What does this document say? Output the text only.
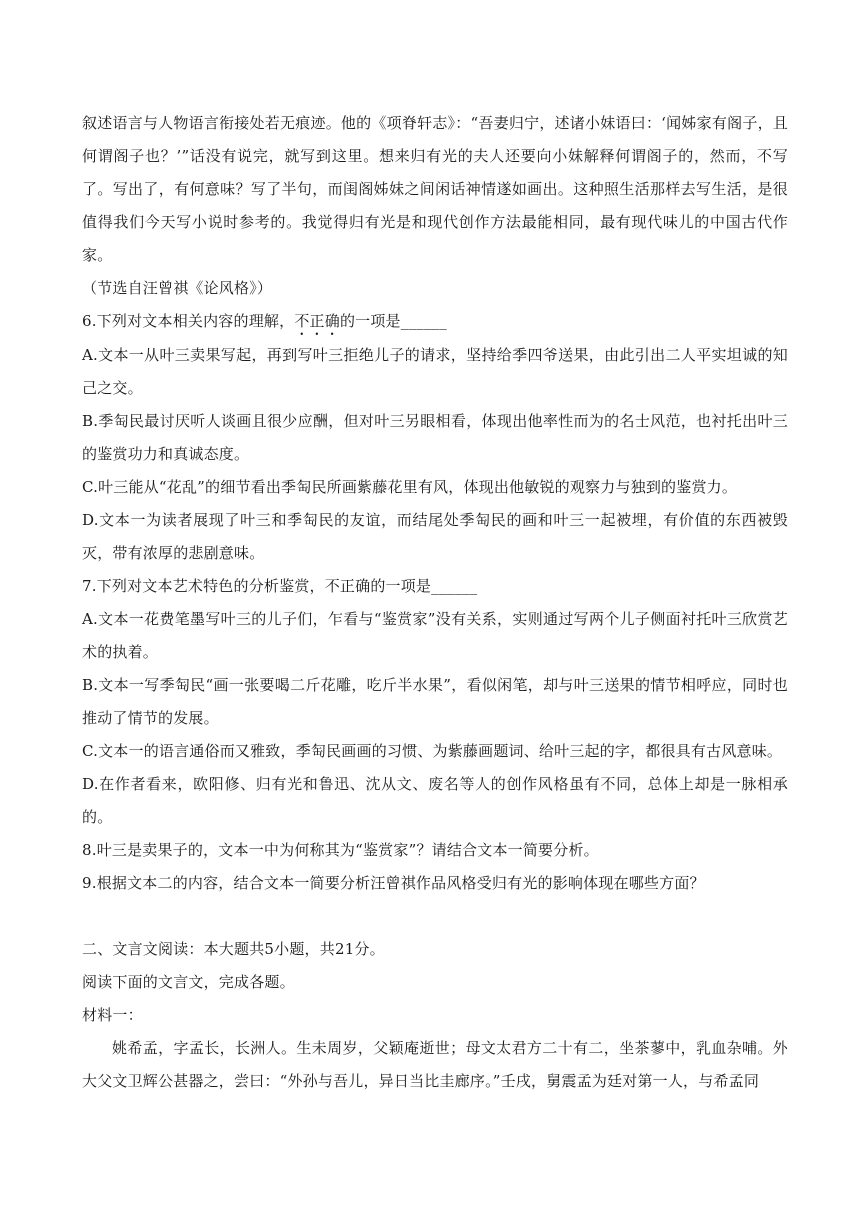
叙述语言与人物语言衔接处若无痕迹。他的《项脊轩志》：“吾妻归宁，述诸小妹语曰：‘闻姊家有阁子，且何谓阁子也？’”话没有说完，就写到这里。想来归有光的夫人还要向小妹解释何谓阁子的，然而，不写了。写出了，有何意味？写了半句，而闺阁姊妹之间闲话神情遂如画出。这种照生活那样去写生活，是很值得我们今天写小说时参考的。我觉得归有光是和现代创作方法最能相同，最有现代味儿的中国古代作家。

（节选自汪曾祺《论风格》）

6.下列对文本相关内容的理解，不正确的一项是______

A.文本一从叶三卖果写起，再到写叶三拒绝儿子的请求，坚持给季四爷送果，由此引出二人平实坦诚的知己之交。

B.季匋民最讨厌听人谈画且很少应酬，但对叶三另眼相看，体现出他率性而为的名士风范，也衬托出叶三的鉴赏功力和真诚态度。

C.叶三能从“花乱”的细节看出季匋民所画紫藤花里有风，体现出他敏锐的观察力与独到的鉴赏力。

D.文本一为读者展现了叶三和季匋民的友谊，而结尾处季匋民的画和叶三一起被埋，有价值的东西被毁灭，带有浓厚的悲剧意味。

7.下列对文本艺术特色的分析鉴赏，不正确的一项是______

A.文本一花费笔墨写叶三的儿子们，乍看与“鉴赏家”没有关系，实则通过写两个儿子侧面衬托叶三欣赏艺术的执着。

B.文本一写季匋民“画一张要喝二斤花雕，吃斤半水果”，看似闲笔，却与叶三送果的情节相呼应，同时也推动了情节的发展。

C.文本一的语言通俗而又雅致，季匋民画画的习惯、为紫藤画题词、给叶三起的字，都很具有古风意味。

D.在作者看来，欧阳修、归有光和鲁迅、沈从文、废名等人的创作风格虽有不同，总体上却是一脉相承的。

8.叶三是卖果子的，文本一中为何称其为“鉴赏家”？请结合文本一简要分析。

9.根据文本二的内容，结合文本一简要分析汪曾祺作品风格受归有光的影响体现在哪些方面？

二、文言文阅读：本大题共5小题，共21分。

阅读下面的文言文，完成各题。

材料一：

姚希孟，字孟长，长洲人。生未周岁，父颖庵逝世；母文太君方二十有二，坐茶蓼中，乳血杂哺。外大父文卫辉公甚器之，尝曰：“外孙与吾儿，异日当比圭廊序。”壬戌，舅震孟为廷对第一人，与希孟同
